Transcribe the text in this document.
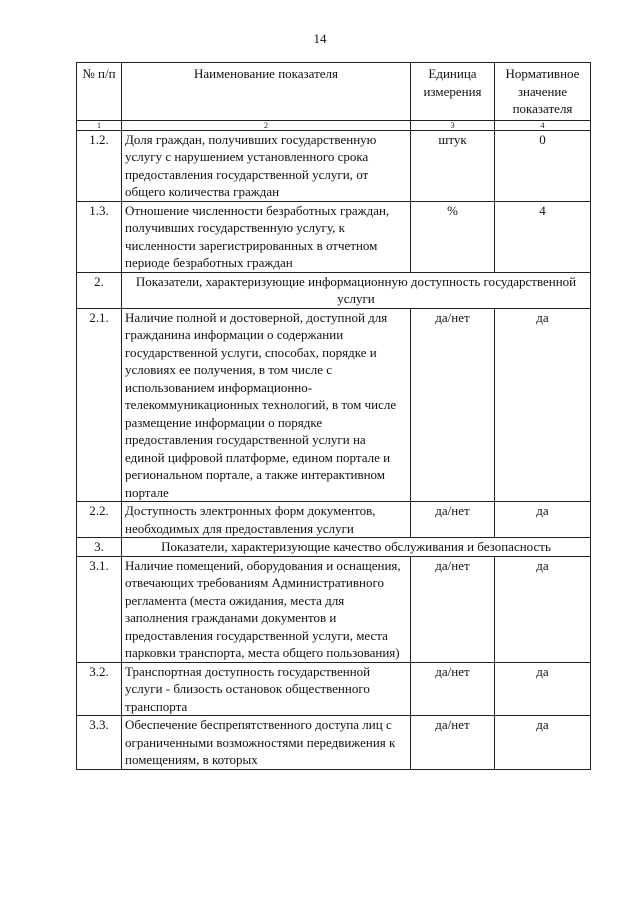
14
№ п/п	Наименование показателя	Единица измерения	Нормативное значение показателя
1	2	3	4
1.2.	Доля граждан, получивших государственную услугу с нарушением установленного срока предоставления государственной услуги, от общего количества граждан	штук	0
1.3.	Отношение численности безработных граждан, получивших государственную услугу, к численности зарегистрированных в отчетном периоде безработных граждан	%	4
2.	Показатели, характеризующие информационную доступность государственной услуги		
2.1.	Наличие полной и достоверной, доступной для гражданина информации о содержании государственной услуги, способах, порядке и условиях ее получения, в том числе с использованием информационно-телекоммуникационных технологий, в том числе размещение информации о порядке предоставления государственной услуги на единой цифровой платформе, едином портале и региональном портале, а также интерактивном портале	да/нет	да
2.2.	Доступность электронных форм документов, необходимых для предоставления услуги	да/нет	да
3.	Показатели, характеризующие качество обслуживания и безопасность		
3.1.	Наличие помещений, оборудования и оснащения, отвечающих требованиям Административного регламента (места ожидания, места для заполнения гражданами документов и предоставления государственной услуги, места парковки транспорта, места общего пользования)	да/нет	да
3.2.	Транспортная доступность государственной услуги - близость остановок общественного транспорта	да/нет	да
3.3.	Обеспечение беспрепятственного доступа лиц с ограниченными возможностями передвижения к помещениям, в которых	да/нет	да
